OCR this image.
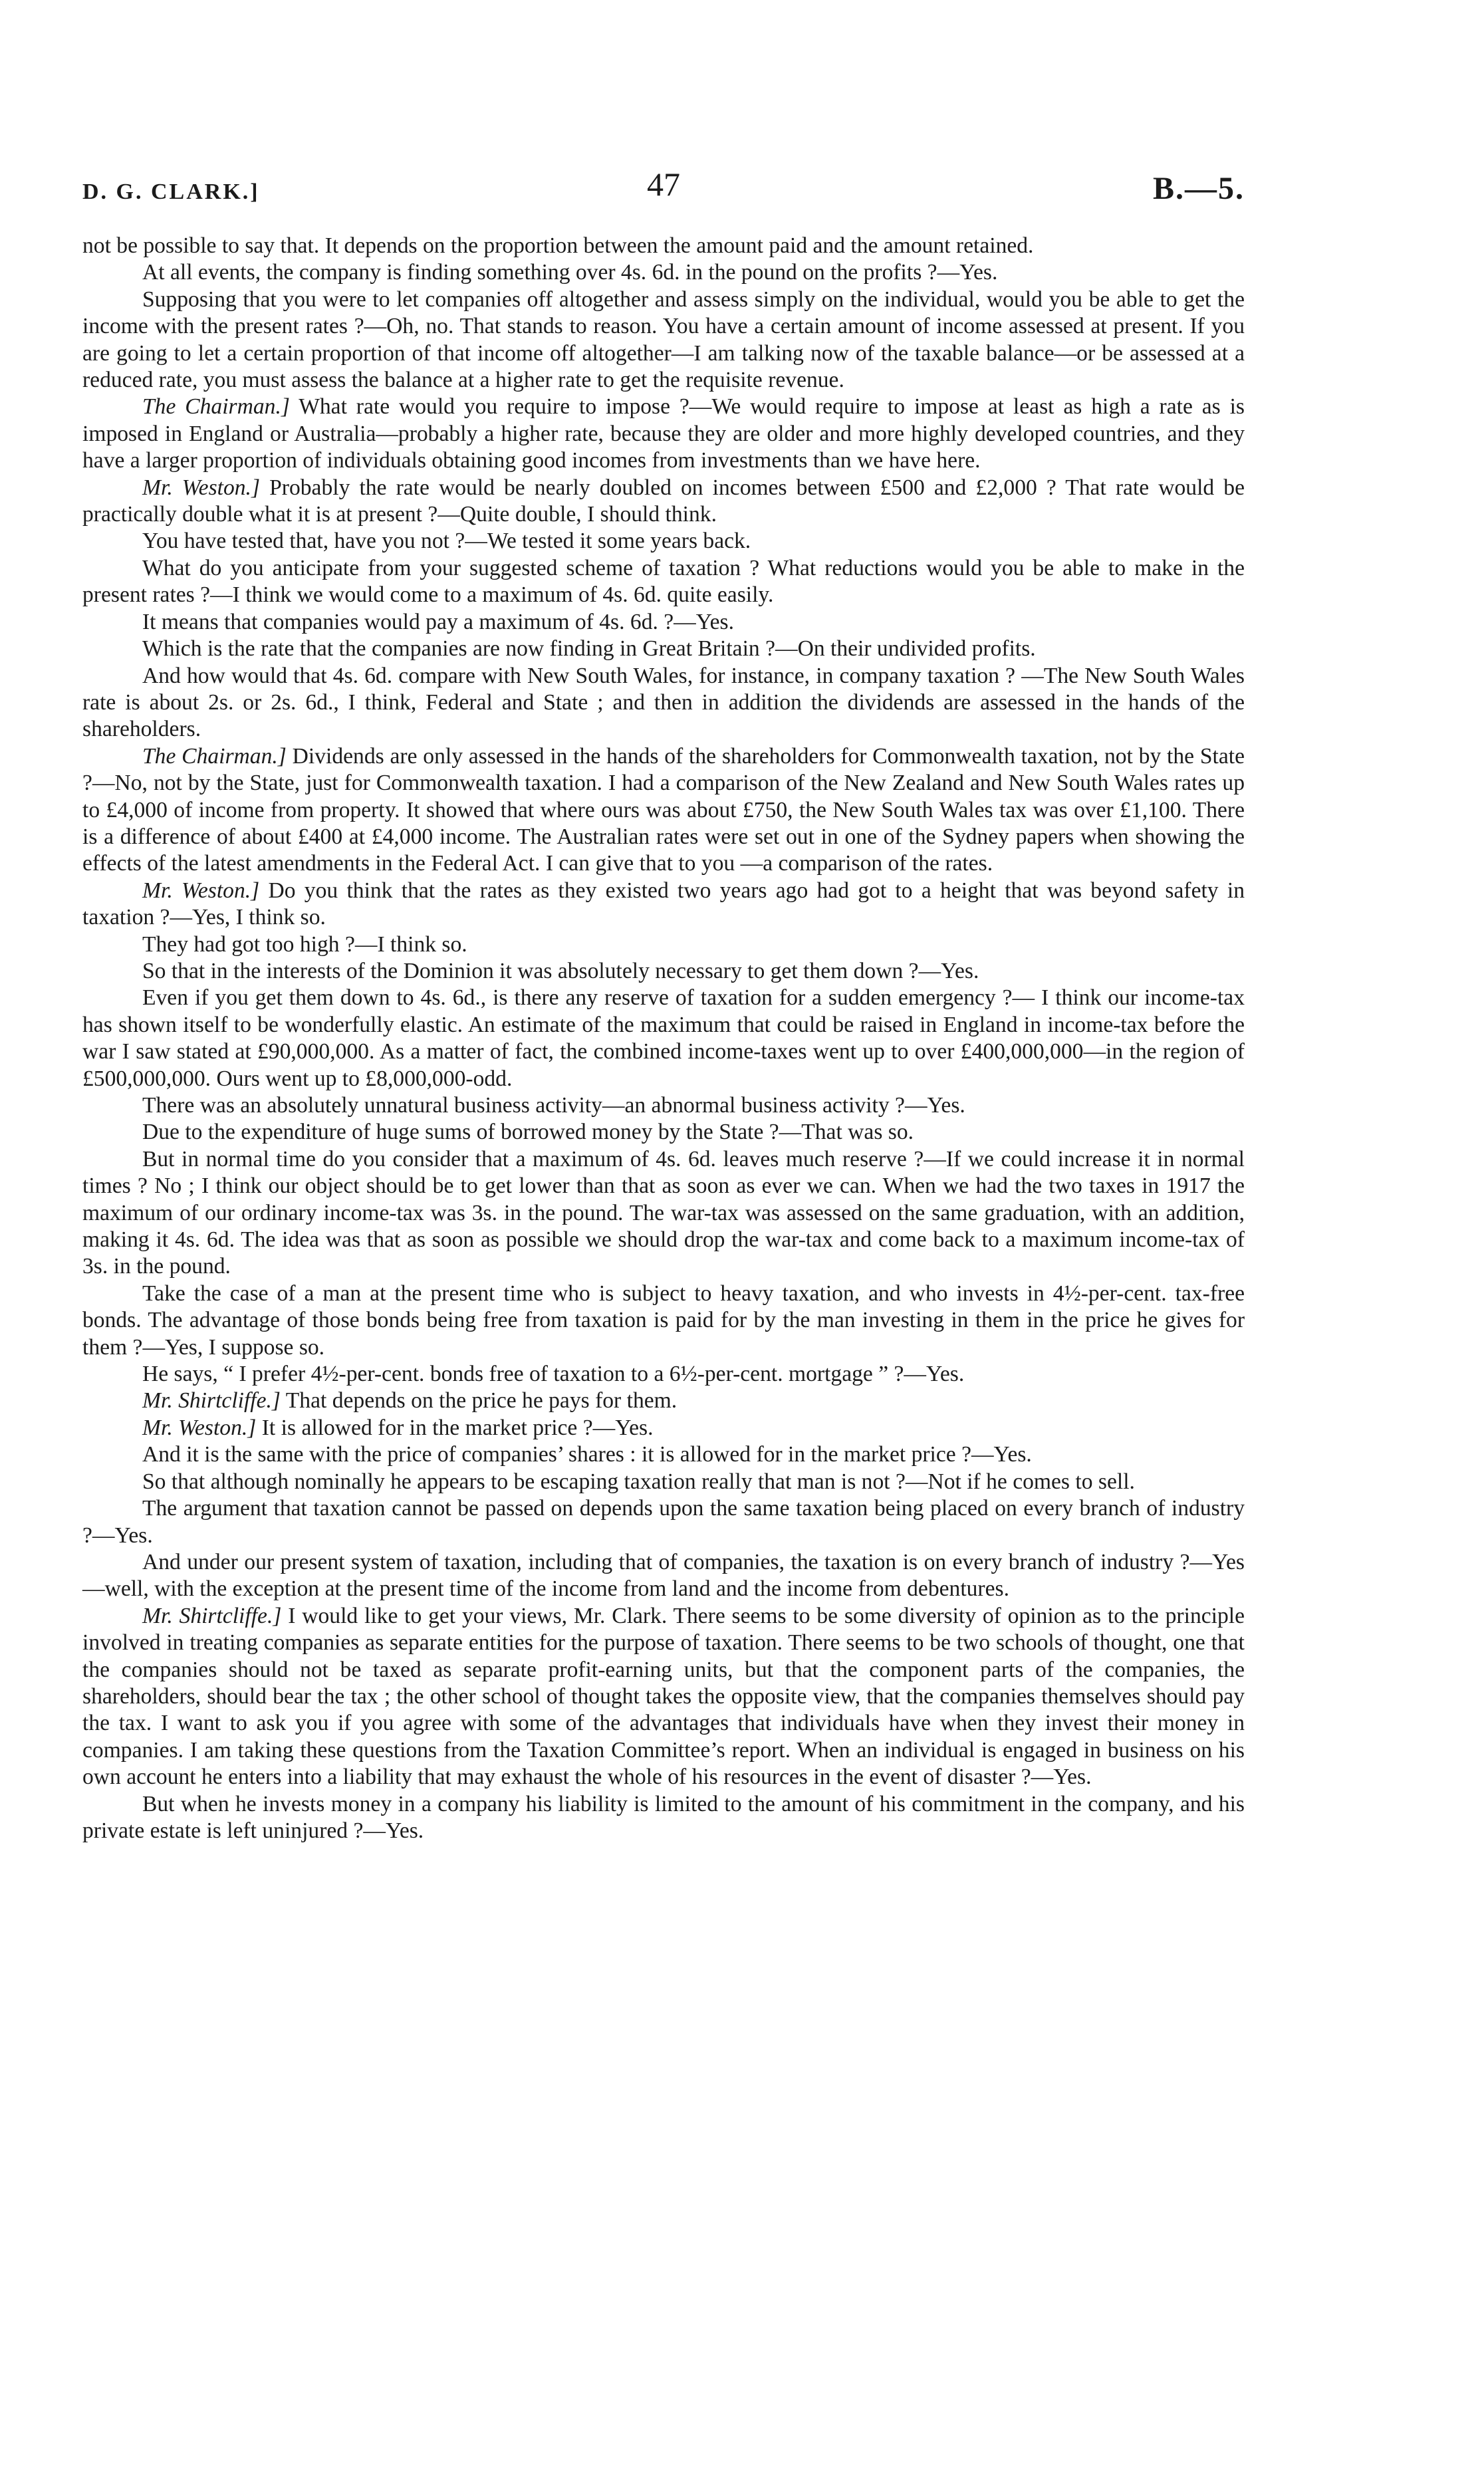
D. G. CLARK.]	47	B.—5.

not be possible to say that. It depends on the proportion between the amount paid and the amount retained.

At all events, the company is finding something over 4s. 6d. in the pound on the profits ?—Yes.

Supposing that you were to let companies off altogether and assess simply on the individual, would you be able to get the income with the present rates ?—Oh, no. That stands to reason. You have a certain amount of income assessed at present. If you are going to let a certain proportion of that income off altogether—I am talking now of the taxable balance—or be assessed at a reduced rate, you must assess the balance at a higher rate to get the requisite revenue.

The Chairman.] What rate would you require to impose ?—We would require to impose at least as high a rate as is imposed in England or Australia—probably a higher rate, because they are older and more highly developed countries, and they have a larger proportion of individuals obtaining good incomes from investments than we have here.

Mr. Weston.] Probably the rate would be nearly doubled on incomes between £500 and £2,000 ? That rate would be practically double what it is at present ?—Quite double, I should think.

You have tested that, have you not ?—We tested it some years back.

What do you anticipate from your suggested scheme of taxation ? What reductions would you be able to make in the present rates ?—I think we would come to a maximum of 4s. 6d. quite easily.

It means that companies would pay a maximum of 4s. 6d. ?—Yes.

Which is the rate that the companies are now finding in Great Britain ?—On their undivided profits.

And how would that 4s. 6d. compare with New South Wales, for instance, in company taxation ? —The New South Wales rate is about 2s. or 2s. 6d., I think, Federal and State ; and then in addition the dividends are assessed in the hands of the shareholders.

The Chairman.] Dividends are only assessed in the hands of the shareholders for Commonwealth taxation, not by the State ?—No, not by the State, just for Commonwealth taxation. I had a comparison of the New Zealand and New South Wales rates up to £4,000 of income from property. It showed that where ours was about £750, the New South Wales tax was over £1,100. There is a difference of about £400 at £4,000 income. The Australian rates were set out in one of the Sydney papers when showing the effects of the latest amendments in the Federal Act. I can give that to you —a comparison of the rates.

Mr. Weston.] Do you think that the rates as they existed two years ago had got to a height that was beyond safety in taxation ?—Yes, I think so.

They had got too high ?—I think so.

So that in the interests of the Dominion it was absolutely necessary to get them down ?—Yes.

Even if you get them down to 4s. 6d., is there any reserve of taxation for a sudden emergency ?— I think our income-tax has shown itself to be wonderfully elastic. An estimate of the maximum that could be raised in England in income-tax before the war I saw stated at £90,000,000. As a matter of fact, the combined income-taxes went up to over £400,000,000—in the region of £500,000,000. Ours went up to £8,000,000-odd.

There was an absolutely unnatural business activity—an abnormal business activity ?—Yes.

Due to the expenditure of huge sums of borrowed money by the State ?—That was so.

But in normal time do you consider that a maximum of 4s. 6d. leaves much reserve ?—If we could increase it in normal times ? No ; I think our object should be to get lower than that as soon as ever we can. When we had the two taxes in 1917 the maximum of our ordinary income-tax was 3s. in the pound. The war-tax was assessed on the same graduation, with an addition, making it 4s. 6d. The idea was that as soon as possible we should drop the war-tax and come back to a maximum income-tax of 3s. in the pound.

Take the case of a man at the present time who is subject to heavy taxation, and who invests in 4½-per-cent. tax-free bonds. The advantage of those bonds being free from taxation is paid for by the man investing in them in the price he gives for them ?—Yes, I suppose so.

He says, “ I prefer 4½-per-cent. bonds free of taxation to a 6½-per-cent. mortgage ” ?—Yes.

Mr. Shirtcliffe.] That depends on the price he pays for them.

Mr. Weston.] It is allowed for in the market price ?—Yes.

And it is the same with the price of companies’ shares : it is allowed for in the market price ?—Yes.

So that although nominally he appears to be escaping taxation really that man is not ?—Not if he comes to sell.

The argument that taxation cannot be passed on depends upon the same taxation being placed on every branch of industry ?—Yes.

And under our present system of taxation, including that of companies, the taxation is on every branch of industry ?—Yes—well, with the exception at the present time of the income from land and the income from debentures.

Mr. Shirtcliffe.] I would like to get your views, Mr. Clark. There seems to be some diversity of opinion as to the principle involved in treating companies as separate entities for the purpose of taxation. There seems to be two schools of thought, one that the companies should not be taxed as separate profit-earning units, but that the component parts of the companies, the shareholders, should bear the tax ; the other school of thought takes the opposite view, that the companies themselves should pay the tax. I want to ask you if you agree with some of the advantages that individuals have when they invest their money in companies. I am taking these questions from the Taxation Committee’s report. When an individual is engaged in business on his own account he enters into a liability that may exhaust the whole of his resources in the event of disaster ?—Yes.

But when he invests money in a company his liability is limited to the amount of his commitment in the company, and his private estate is left uninjured ?—Yes.
